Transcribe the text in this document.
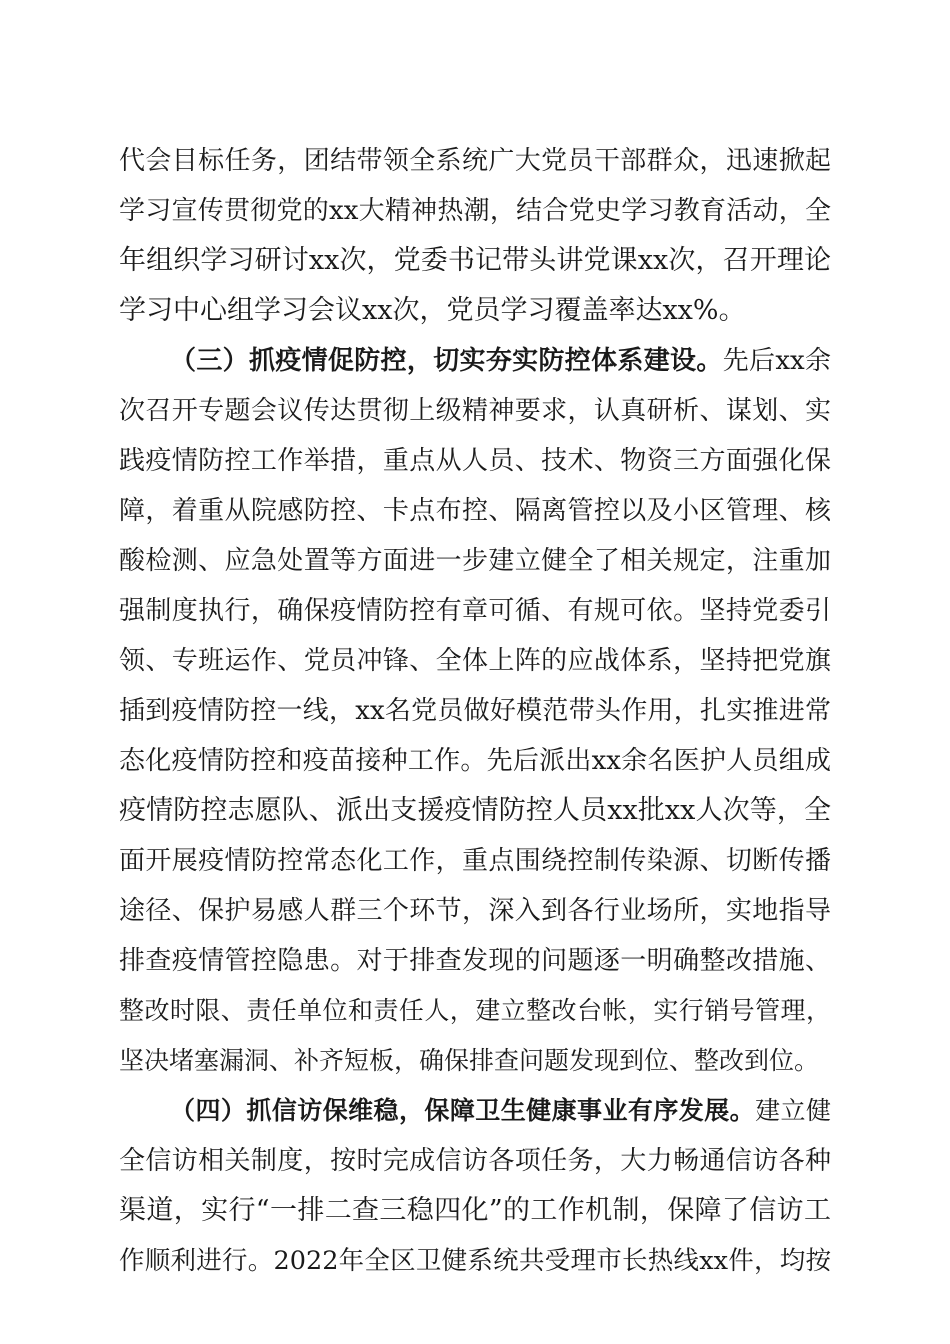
代会目标任务，团结带领全系统广大党员干部群众，迅速掀起
学习宣传贯彻党的xx大精神热潮，结合党史学习教育活动，全
年组织学习研讨xx次，党委书记带头讲党课xx次，召开理论
学习中心组学习会议xx次，党员学习覆盖率达xx%。
（三）抓疫情促防控，切实夯实防控体系建设。先后xx余
次召开专题会议传达贯彻上级精神要求，认真研析、谋划、实
践疫情防控工作举措，重点从人员、技术、物资三方面强化保
障，着重从院感防控、卡点布控、隔离管控以及小区管理、核
酸检测、应急处置等方面进一步建立健全了相关规定，注重加
强制度执行，确保疫情防控有章可循、有规可依。坚持党委引
领、专班运作、党员冲锋、全体上阵的应战体系，坚持把党旗
插到疫情防控一线，xx名党员做好模范带头作用，扎实推进常
态化疫情防控和疫苗接种工作。先后派出xx余名医护人员组成
疫情防控志愿队、派出支援疫情防控人员xx批xx人次等，全
面开展疫情防控常态化工作，重点围绕控制传染源、切断传播
途径、保护易感人群三个环节，深入到各行业场所，实地指导
排查疫情管控隐患。对于排查发现的问题逐一明确整改措施、
整改时限、责任单位和责任人，建立整改台帐，实行销号管理，
坚决堵塞漏洞、补齐短板，确保排查问题发现到位、整改到位。
（四）抓信访保维稳，保障卫生健康事业有序发展。建立健
全信访相关制度，按时完成信访各项任务，大力畅通信访各种
渠道，实行“一排二查三稳四化”的工作机制，保障了信访工
作顺利进行。2022年全区卫健系统共受理市长热线xx件，均按
